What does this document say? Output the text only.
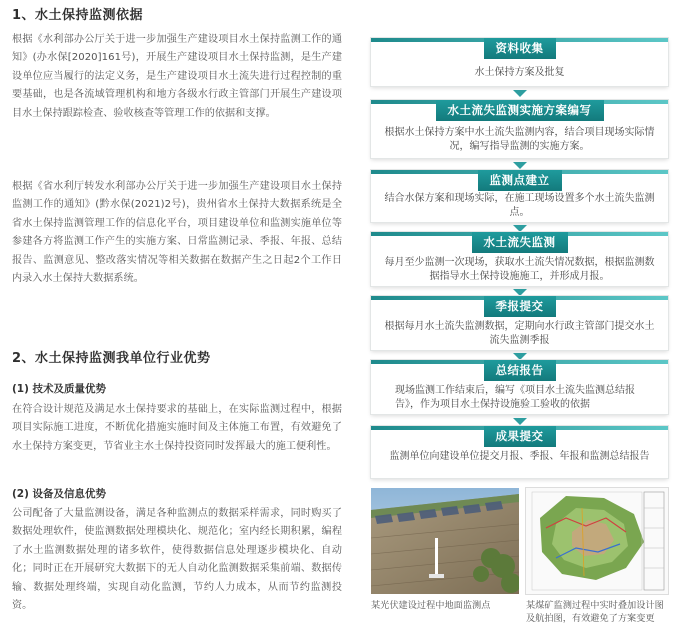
1、水土保持监测依据
根据《水利部办公厅关于进一步加强生产建设项目水土保持监测工作的通知》(办水保[2020]161号)，开展生产建设项目水土保持监测，是生产建设单位应当履行的法定义务，是生产建设项目水土流失进行过程控制的重要基础，也是各流域管理机构和地方各级水行政主管部门开展生产建设项目水土保持跟踪检查、验收核查等管理工作的依据和支撑。
根据《省水利厅转发水利部办公厅关于进一步加强生产建设项目水土保持监测工作的通知》(黔水保(2021)2号)，贵州省水土保持大数据系统是全省水土保持监测管理工作的信息化平台，项目建设单位和监测实施单位等参建各方将监测工作产生的实施方案、日常监测记录、季报、年报、总结报告、监测意见、整改落实情况等相关数据在数据产生之日起2个工作日内录入水土保持大数据系统。
2、水土保持监测我单位行业优势
(1) 技术及质量优势
在符合设计规范及满足水土保持要求的基础上，在实际监测过程中，根据项目实际施工进度，不断优化措施实施时间及主体施工布置，有效避免了水土保持方案变更，节省业主水土保持投资同时发挥最大的施工便利性。
(2) 设备及信息优势
公司配备了大量监测设备，满足各种监测点的数据采样需求，同时购买了数据处理软件，使监测数据处理模块化、规范化；室内经长期积累，编程了水土监测数据处理的诸多软件，使得数据信息处理逐步模块化、自动化；同时正在开展研究大数据下的无人自动化监测数据采集前端、数据传输、数据处理终端，实现自动化监测，节约人力成本，从而节约监测投资。
资料收集
水土保持方案及批复
水土流失监测实施方案编写
根据水土保持方案中水土流失监测内容，结合项目现场实际情况，编写指导监测的实施方案。
监测点建立
结合水保方案和现场实际，在施工现场设置多个水土流失监测点。
水土流失监测
每月至少监测一次现场，获取水土流失情况数据，根据监测数据指导水土保持设施施工，并形成月报。
季报提交
根据每月水土流失监测数据，定期向水行政主管部门提交水土流失监测季报
总结报告
现场监测工作结束后，编写《项目水土流失监测总结报告》，作为项目水土保持设施验工验收的依据
成果提交
监测单位向建设单位提交月报、季报、年报和监测总结报告
某光伏建设过程中地面监测点	某煤矿监测过程中实时叠加设计图及航拍图，有效避免了方案变更
